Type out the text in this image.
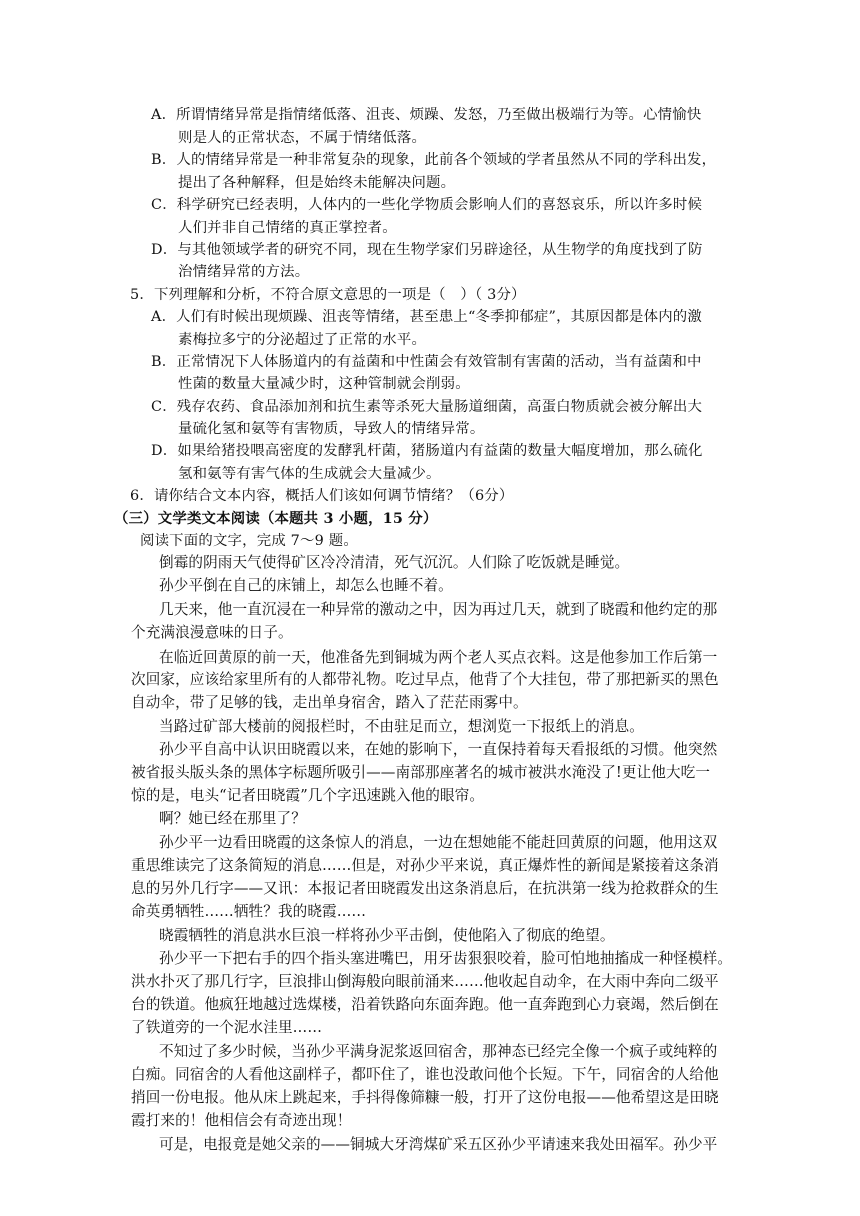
A．所谓情绪异常是指情绪低落、沮丧、烦躁、发怒，乃至做出极端行为等。心情愉快
则是人的正常状态，不属于情绪低落。
B．人的情绪异常是一种非常复杂的现象，此前各个领域的学者虽然从不同的学科出发，
提出了各种解释，但是始终未能解决问题。
C．科学研究已经表明，人体内的一些化学物质会影响人们的喜怒哀乐，所以许多时候
人们并非自己情绪的真正掌控者。
D．与其他领域学者的研究不同，现在生物学家们另辟途径，从生物学的角度找到了防
治情绪异常的方法。
5．下列理解和分析，不符合原文意思的一项是（　）（ 3分）
A．人们有时候出现烦躁、沮丧等情绪，甚至患上“冬季抑郁症”，其原因都是体内的激
素梅拉多宁的分泌超过了正常的水平。
B．正常情况下人体肠道内的有益菌和中性菌会有效管制有害菌的活动，当有益菌和中
性菌的数量大量减少时，这种管制就会削弱。
C．残存农药、食品添加剂和抗生素等杀死大量肠道细菌，高蛋白物质就会被分解出大
量硫化氢和氨等有害物质，导致人的情绪异常。
D．如果给猪投喂高密度的发酵乳杆菌，猪肠道内有益菌的数量大幅度增加，那么硫化
氢和氨等有害气体的生成就会大量减少。
6．请你结合文本内容，概括人们该如何调节情绪？（6分）
（三）文学类文本阅读（本题共 3 小题，15 分）
阅读下面的文字，完成 7～9 题。
倒霉的阴雨天气使得矿区冷冷清清，死气沉沉。人们除了吃饭就是睡觉。
孙少平倒在自己的床铺上，却怎么也睡不着。
几天来，他一直沉浸在一种异常的激动之中，因为再过几天，就到了晓霞和他约定的那
个充满浪漫意味的日子。
在临近回黄原的前一天，他准备先到铜城为两个老人买点衣料。这是他参加工作后第一
次回家，应该给家里所有的人都带礼物。吃过早点，他背了个大挂包，带了那把新买的黑色
自动伞，带了足够的钱，走出单身宿舍，踏入了茫茫雨雾中。
当路过矿部大楼前的阅报栏时，不由驻足而立，想浏览一下报纸上的消息。
孙少平自高中认识田晓霞以来，在她的影响下，一直保持着每天看报纸的习惯。他突然
被省报头版头条的黑体字标题所吸引——南部那座著名的城市被洪水淹没了!更让他大吃一
惊的是，电头“记者田晓霞”几个字迅速跳入他的眼帘。
啊？她已经在那里了？
孙少平一边看田晓霞的这条惊人的消息，一边在想她能不能赶回黄原的问题，他用这双
重思维读完了这条简短的消息……但是，对孙少平来说，真正爆炸性的新闻是紧接着这条消
息的另外几行字——又讯：本报记者田晓霞发出这条消息后，在抗洪第一线为抢救群众的生
命英勇牺牲……牺牲？我的晓霞……
晓霞牺牲的消息洪水巨浪一样将孙少平击倒，使他陷入了彻底的绝望。
孙少平一下把右手的四个指头塞进嘴巴，用牙齿狠狠咬着，脸可怕地抽搐成一种怪模样。
洪水扑灭了那几行字，巨浪排山倒海般向眼前涌来……他收起自动伞，在大雨中奔向二级平
台的铁道。他疯狂地越过选煤楼，沿着铁路向东面奔跑。他一直奔跑到心力衰竭，然后倒在
了铁道旁的一个泥水洼里……
不知过了多少时候，当孙少平满身泥浆返回宿舍，那神态已经完全像一个疯子或纯粹的
白痴。同宿舍的人看他这副样子，都吓住了，谁也没敢问他个长短。下午，同宿舍的人给他
捎回一份电报。他从床上跳起来，手抖得像筛糠一般，打开了这份电报——他希望这是田晓
霞打来的！他相信会有奇迹出现！
可是，电报竟是她父亲的——铜城大牙湾煤矿采五区孙少平请速来我处田福军。孙少平
